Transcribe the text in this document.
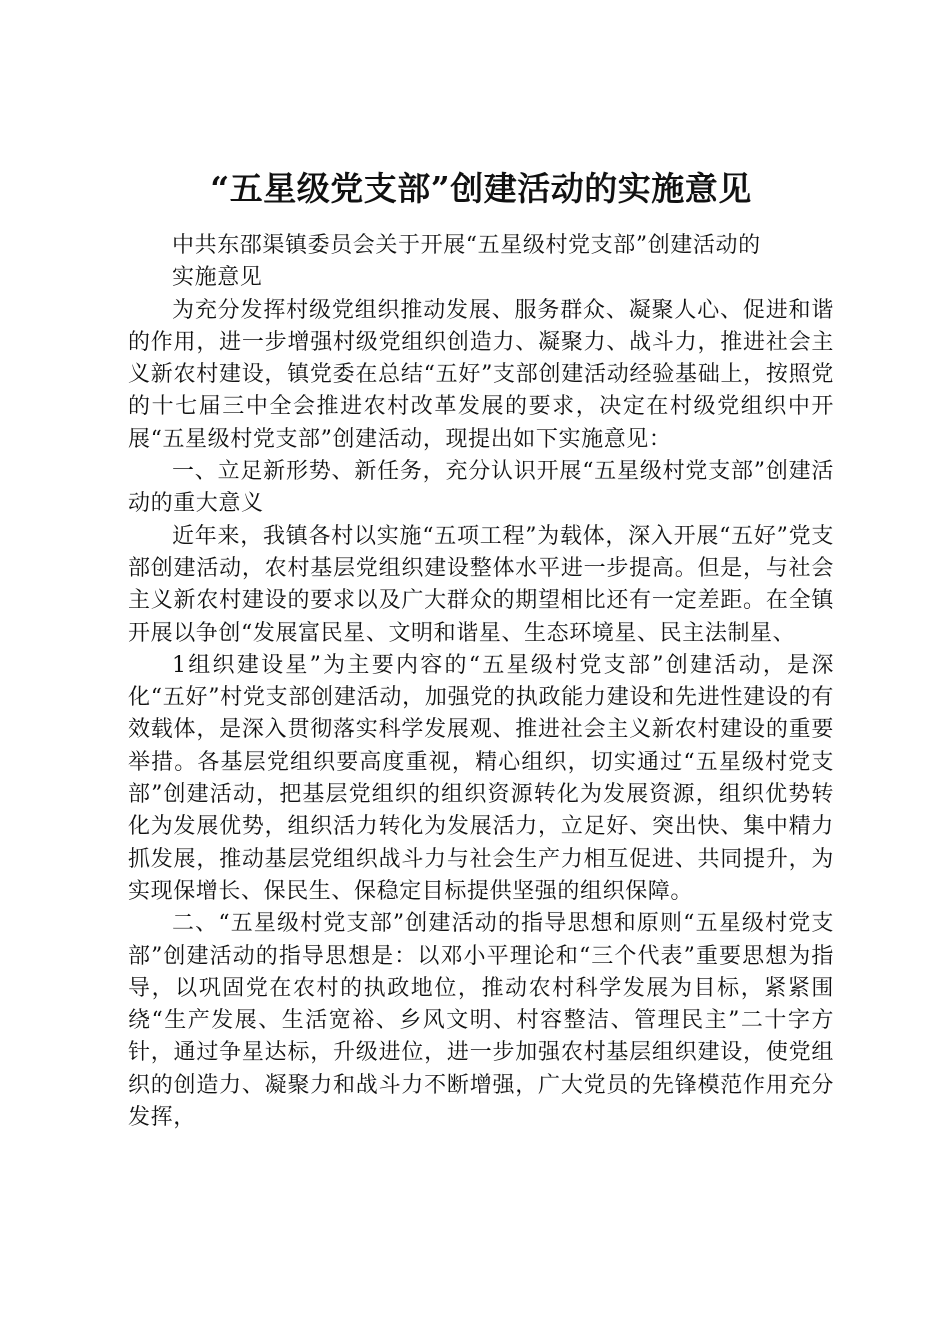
“五星级党支部”创建活动的实施意见

中共东邵渠镇委员会关于开展“五星级村党支部”创建活动的实施意见

为充分发挥村级党组织推动发展、服务群众、凝聚人心、促进和谐的作用，进一步增强村级党组织创造力、凝聚力、战斗力，推进社会主义新农村建设，镇党委在总结“五好”支部创建活动经验基础上，按照党的十七届三中全会推进农村改革发展的要求，决定在村级党组织中开展“五星级村党支部”创建活动，现提出如下实施意见：

一、立足新形势、新任务，充分认识开展“五星级村党支部”创建活动的重大意义

近年来，我镇各村以实施“五项工程”为载体，深入开展“五好”党支部创建活动，农村基层党组织建设整体水平进一步提高。但是，与社会主义新农村建设的要求以及广大群众的期望相比还有一定差距。在全镇开展以争创“发展富民星、文明和谐星、生态环境星、民主法制星、

1组织建设星”为主要内容的“五星级村党支部”创建活动，是深化“五好”村党支部创建活动，加强党的执政能力建设和先进性建设的有效载体，是深入贯彻落实科学发展观、推进社会主义新农村建设的重要举措。各基层党组织要高度重视，精心组织，切实通过“五星级村党支部”创建活动，把基层党组织的组织资源转化为发展资源，组织优势转化为发展优势，组织活力转化为发展活力，立足好、突出快、集中精力抓发展，推动基层党组织战斗力与社会生产力相互促进、共同提升，为实现保增长、保民生、保稳定目标提供坚强的组织保障。

二、“五星级村党支部”创建活动的指导思想和原则“五星级村党支部”创建活动的指导思想是：以邓小平理论和“三个代表”重要思想为指导，以巩固党在农村的执政地位，推动农村科学发展为目标，紧紧围绕“生产发展、生活宽裕、乡风文明、村容整洁、管理民主”二十字方针，通过争星达标，升级进位，进一步加强农村基层组织建设，使党组织的创造力、凝聚力和战斗力不断增强，广大党员的先锋模范作用充分发挥，
